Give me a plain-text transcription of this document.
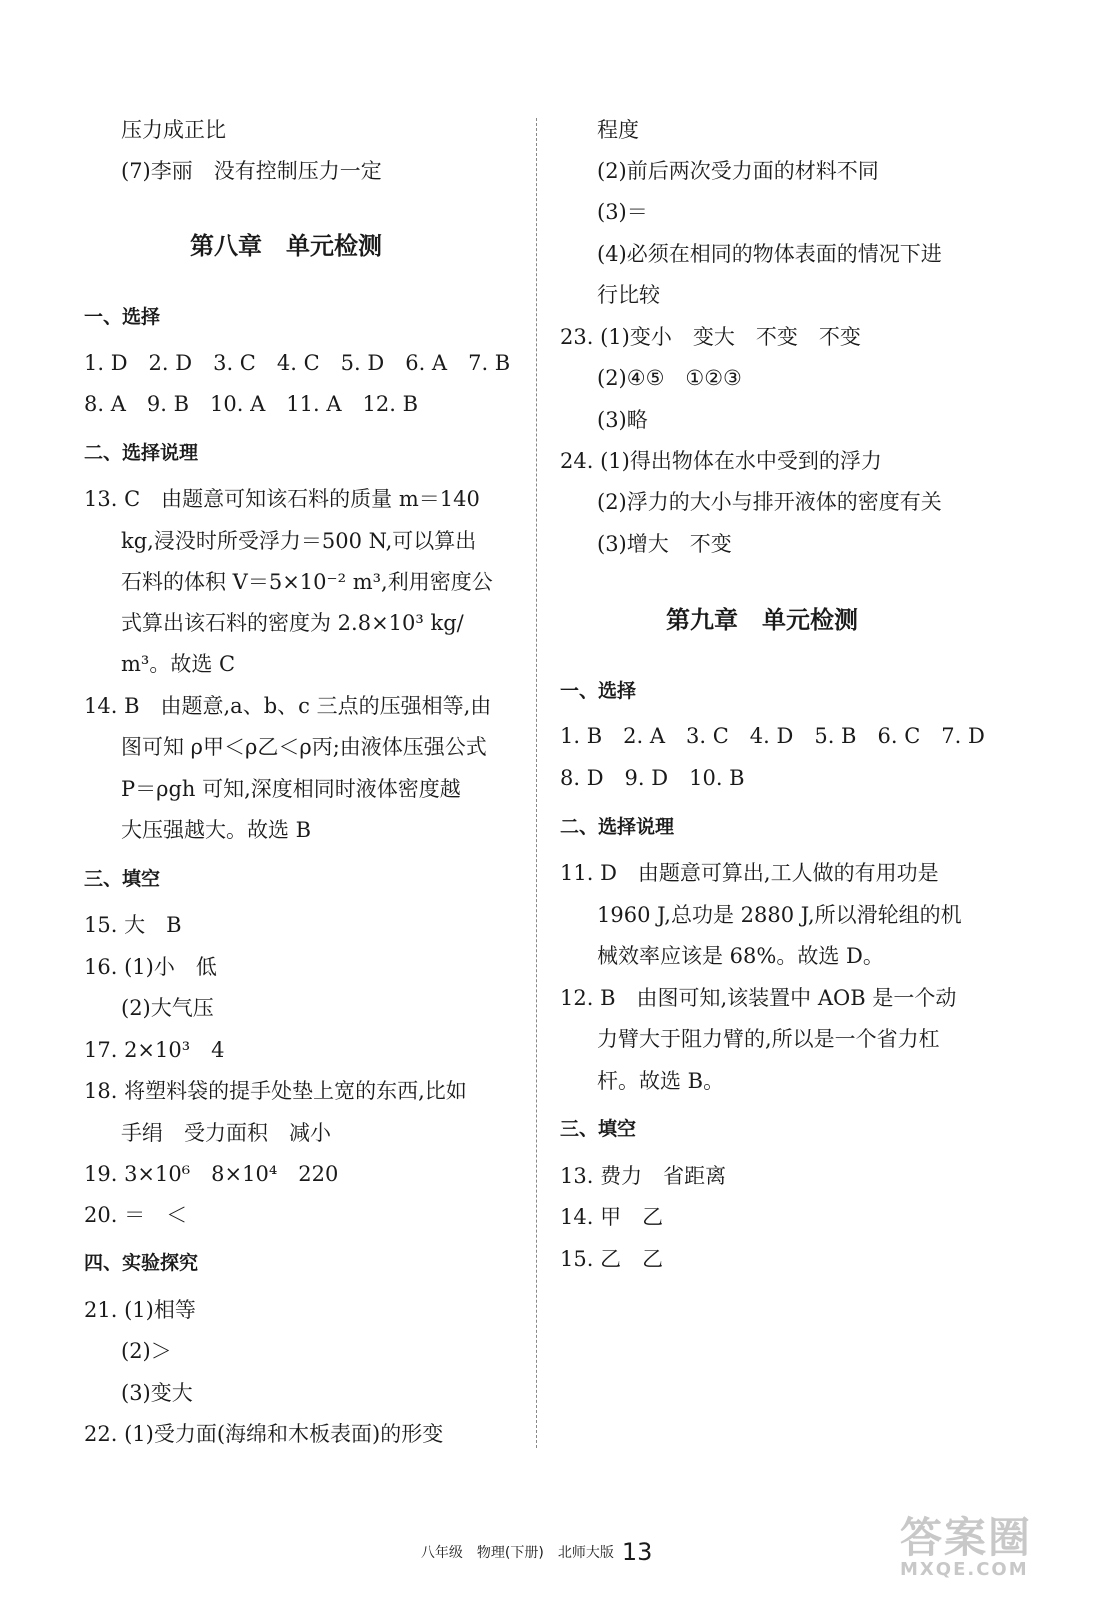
压力成正比
(7)李丽　没有控制压力一定
第八章　单元检测
一、选择
1. D　2. D　3. C　4. C　5. D　6. A　7. B
8. A　9. B　10. A　11. A　12. B
二、选择说理
13. C　由题意可知该石料的质量 m＝140
kg,浸没时所受浮力＝500 N,可以算出
石料的体积 V＝5×10⁻² m³,利用密度公
式算出该石料的密度为 2.8×10³ kg/
m³。故选 C
14. B　由题意,a、b、c 三点的压强相等,由
图可知 ρ甲＜ρ乙＜ρ丙;由液体压强公式
P＝ρgh 可知,深度相同时液体密度越
大压强越大。故选 B
三、填空
15. 大　B
16. (1)小　低
(2)大气压
17. 2×10³　4
18. 将塑料袋的提手处垫上宽的东西,比如
手绢　受力面积　减小
19. 3×10⁶　8×10⁴　220
20. ＝　＜
四、实验探究
21. (1)相等
(2)＞
(3)变大
22. (1)受力面(海绵和木板表面)的形变
程度
(2)前后两次受力面的材料不同
(3)＝
(4)必须在相同的物体表面的情况下进
行比较
23. (1)变小　变大　不变　不变
(2)④⑤　①②③
(3)略
24. (1)得出物体在水中受到的浮力
(2)浮力的大小与排开液体的密度有关
(3)增大　不变
第九章　单元检测
一、选择
1. B　2. A　3. C　4. D　5. B　6. C　7. D
8. D　9. D　10. B
二、选择说理
11. D　由题意可算出,工人做的有用功是
1960 J,总功是 2880 J,所以滑轮组的机
械效率应该是 68%。故选 D。
12. B　由图可知,该装置中 AOB 是一个动
力臂大于阻力臂的,所以是一个省力杠
杆。故选 B。
三、填空
13. 费力　省距离
14. 甲　乙
15. 乙　乙

八年级　物理(下册)　北师大版 13	答案圈
MXQE.COM
